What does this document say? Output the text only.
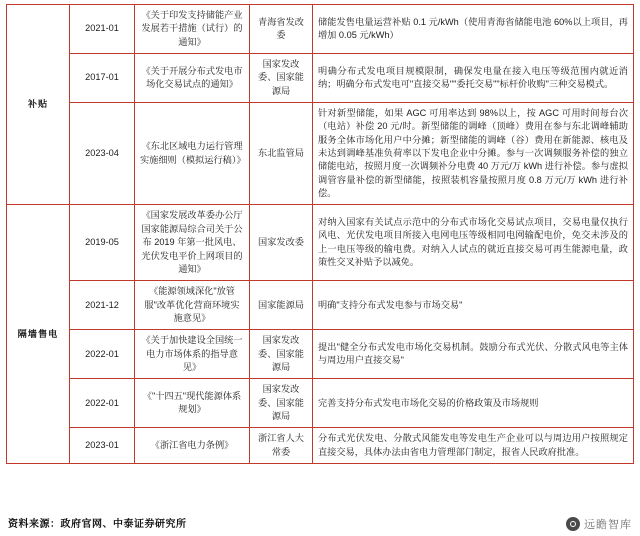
补贴	2021-01	《关于印发支持储能产业发展若干措施（试行）的通知》	青海省发改委	储能发售电量运营补贴 0.1 元/kWh（使用青海省储能电池 60%以上项目，再增加 0.05 元/kWh）
	2017-01	《关于开展分布式发电市场化交易试点的通知》	国家发改委、国家能源局	明确分布式发电项目规模限制，确保发电量在接入电压等级范围内就近消纳；明确分布式发电可"直接交易""委托交易""标杆价收购"三种交易模式。
	2023-04	《东北区域电力运行管理实施细则（模拟运行稿）》	东北监管局	针对新型储能，如果 AGC 可用率达到 98%以上，按 AGC 可用时间每台次（电站）补偿 20 元/时。新型储能的调峰（顶峰）费用在参与东北调峰辅助服务全体市场化用户中分摊；新型储能的调峰（谷）费用在新能源、核电及未达到调峰基准负荷率以下发电企业中分摊。参与一次调频服务补偿的独立储能电站，按照月度一次调频补分电费 40 万元/万 kWh 进行补偿。参与虚拟调管容量补偿的新型储能，按照装机容量按照月度 0.8 万元/万 kWh 进行补偿。
隔墙售电	2019-05	《国家发展改革委办公厅 国家能源局综合司关于公布 2019 年第一批风电、光伏发电平价上网项目的通知》	国家发改委	对纳入国家有关试点示范中的分布式市场化交易试点项目，交易电量仅执行风电、光伏发电项目所接入电网电压等级相同电网输配电价，免交未涉及的上一电压等级的输电费。对纳入人试点的就近直接交易可再生能源电量，政策性交叉补贴予以减免。
	2021-12	《能源领域深化"放管服"改革优化营商环境实施意见》	国家能源局	明确"支持分布式发电参与市场交易"
	2022-01	《关于加快建设全国统一电力市场体系的指导意见》	国家发改委、国家能源局	提出"健全分布式发电市场化交易机制。鼓励分布式光伏、分散式风电等主体与周边用户直接交易"
	2022-01	《"十四五"现代能源体系规划》	国家发改委、国家能源局	完善支持分布式发电市场化交易的价格政策及市场规则
	2023-01	《浙江省电力条例》	浙江省人大常委	分布式光伏发电、分散式风能发电等发电生产企业可以与周边用户按照规定直接交易，具体办法由省电力管理部门制定，报省人民政府批准。
资料来源：政府官网、中泰证券研究所	远瞻智库
